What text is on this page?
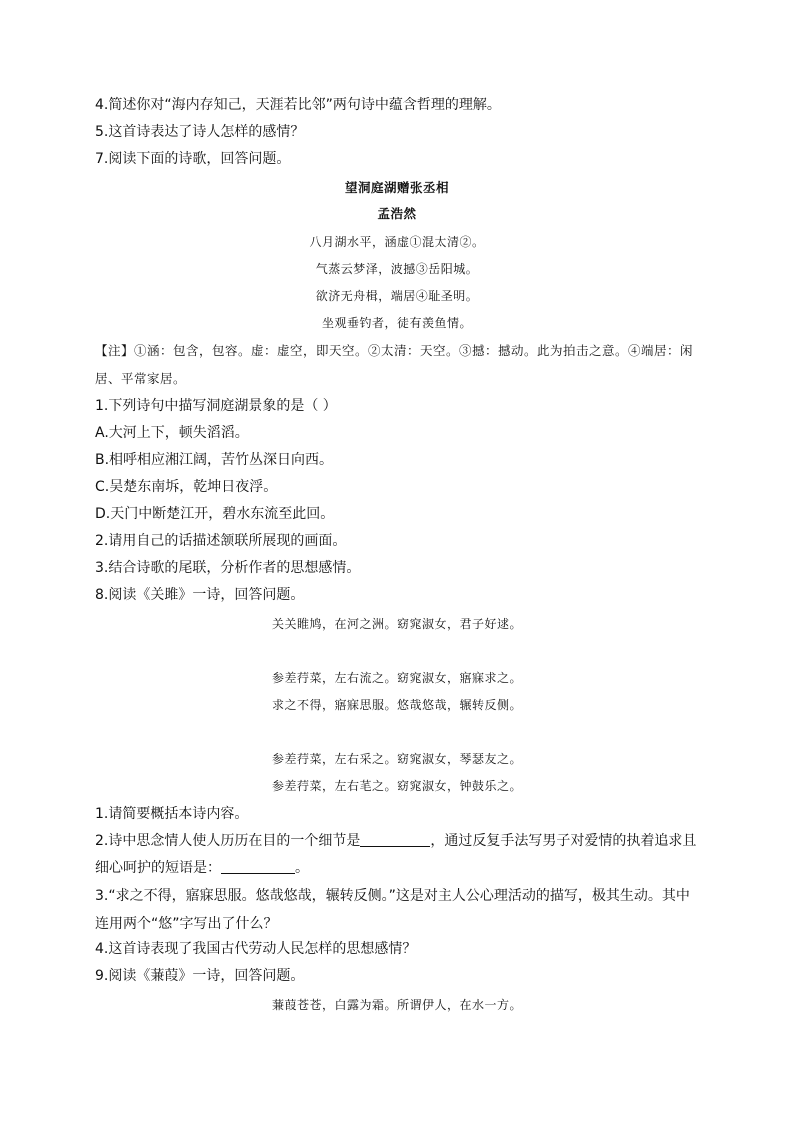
4.简述你对“海内存知己，天涯若比邻”两句诗中蕴含哲理的理解。
5.这首诗表达了诗人怎样的感情？
7.阅读下面的诗歌，回答问题。
望洞庭湖赠张丞相
孟浩然
八月湖水平，涵虚①混太清②。
气蒸云梦泽，波撼③岳阳城。
欲济无舟楫，端居④耻圣明。
坐观垂钓者，徒有羡鱼情。
【注】①涵：包含，包容。虚：虚空，即天空。②太清：天空。③撼：撼动。此为拍击之意。④端居：闲居、平常家居。
1.下列诗句中描写洞庭湖景象的是（ ）
A.大河上下，顿失滔滔。
B.相呼相应湘江阔，苦竹丛深日向西。
C.吴楚东南坼，乾坤日夜浮。
D.天门中断楚江开，碧水东流至此回。
2.请用自己的话描述颔联所展现的画面。
3.结合诗歌的尾联，分析作者的思想感情。
8.阅读《关雎》一诗，回答问题。
关关睢鸠，在河之洲。窈窕淑女，君子好逑。
参差荇菜，左右流之。窈窕淑女，寤寐求之。
求之不得，寤寐思服。悠哉悠哉，辗转反侧。
参差荇菜，左右采之。窈窕淑女，琴瑟友之。
参差荇菜，左右芼之。窈窕淑女，钟鼓乐之。
1.请简要概括本诗内容。
2.诗中思念情人使人历历在目的一个细节是	，通过反复手法写男子对爱情的执着追求且
细心呵护的短语是：	。
3.“求之不得，寤寐思服。悠哉悠哉，辗转反侧。”这是对主人公心理活动的描写，极其生动。其中连用两个“悠”字写出了什么？
4.这首诗表现了我国古代劳动人民怎样的思想感情？
9.阅读《蒹葭》一诗，回答问题。
蒹葭苍苍，白露为霜。所谓伊人，在水一方。
